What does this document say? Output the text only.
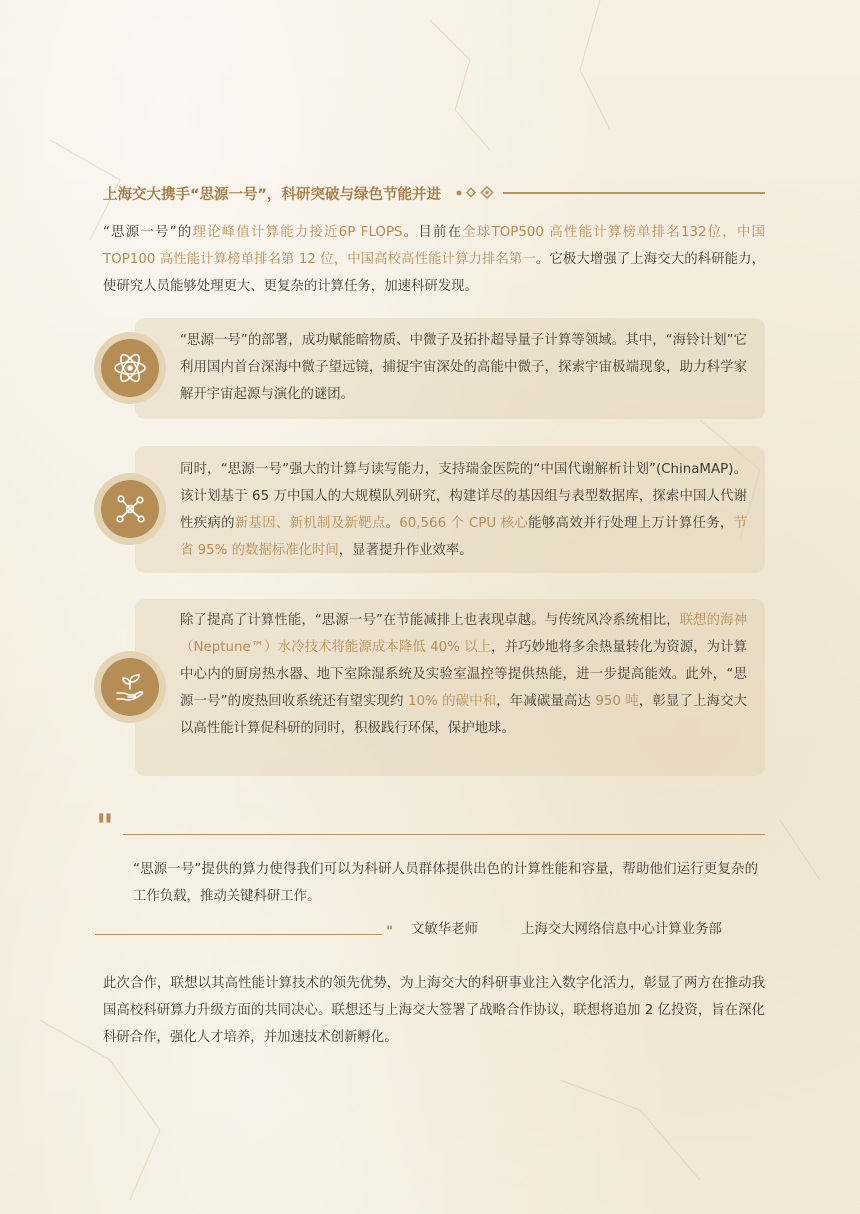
上海交大携手“思源一号”，科研突破与绿色节能并进
“思源一号”的理论峰值计算能力接近6P FLOPS。目前在全球TOP500 高性能计算榜单排名132位，中国 TOP100 高性能计算榜单排名第 12 位，中国高校高性能计算力排名第一。它极大增强了上海交大的科研能力，使研究人员能够处理更大、更复杂的计算任务，加速科研发现。
“思源一号”的部署，成功赋能暗物质、中微子及拓扑超导量子计算等领域。其中，“海铃计划”它利用国内首台深海中微子望远镜，捕捉宇宙深处的高能中微子，探索宇宙极端现象，助力科学家解开宇宙起源与演化的谜团。
同时，“思源一号”强大的计算与读写能力，支持瑞金医院的“中国代谢解析计划”(ChinaMAP)。该计划基于 65 万中国人的大规模队列研究，构建详尽的基因组与表型数据库，探索中国人代谢性疾病的新基因、新机制及新靶点。60,566 个 CPU 核心能够高效并行处理上万计算任务，节省 95% 的数据标准化时间，显著提升作业效率。
除了提高了计算性能，“思源一号”在节能减排上也表现卓越。与传统风冷系统相比，联想的海神（Neptune™）水冷技术将能源成本降低 40% 以上，并巧妙地将多余热量转化为资源，为计算中心内的厨房热水器、地下室除湿系统及实验室温控等提供热能，进一步提高能效。此外，“思源一号”的废热回收系统还有望实现约 10% 的碳中和，年减碳量高达 950 吨，彰显了上海交大以高性能计算促科研的同时，积极践行环保，保护地球。
"
“思源一号”提供的算力使得我们可以为科研人员群体提供出色的计算性能和容量，帮助他们运行更复杂的工作负载，推动关键科研工作。
" 文敏华老师	上海交大网络信息中心计算业务部
此次合作，联想以其高性能计算技术的领先优势，为上海交大的科研事业注入数字化活力，彰显了两方在推动我国高校科研算力升级方面的共同决心。联想还与上海交大签署了战略合作协议，联想将追加 2 亿投资，旨在深化科研合作，强化人才培养，并加速技术创新孵化。
